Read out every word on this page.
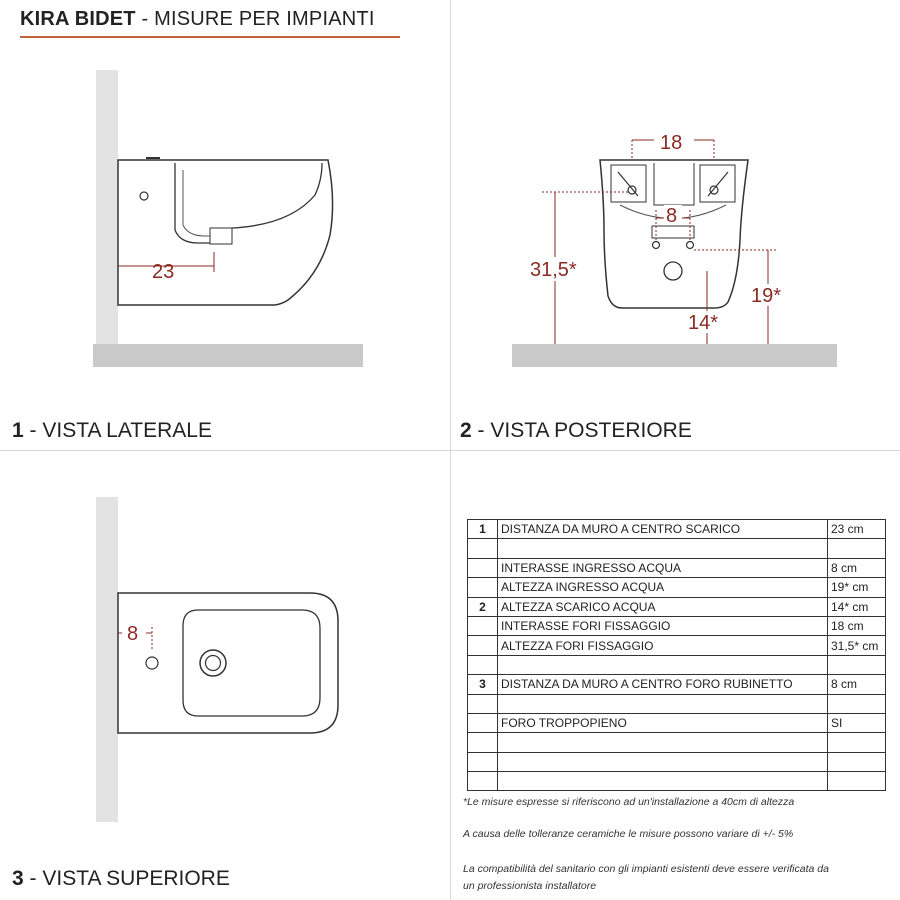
KIRA BIDET - MISURE PER IMPIANTI
23
18
8
31,5*
14*
19*
8
1 - VISTA LATERALE	2 - VISTA POSTERIORE
3 - VISTA SUPERIORE
1	DISTANZA DA MURO A CENTRO SCARICO	23 cm

	INTERASSE INGRESSO ACQUA	8 cm
	ALTEZZA INGRESSO ACQUA	19* cm
2	ALTEZZA SCARICO ACQUA	14* cm
	INTERASSE FORI FISSAGGIO	18 cm
	ALTEZZA FORI FISSAGGIO	31,5* cm

3	DISTANZA DA MURO A CENTRO FORO RUBINETTO	8 cm

	FORO TROPPOPIENO	SI

*Le misure espresse si riferiscono ad un'installazione a 40cm di altezza
A causa delle tolleranze ceramiche le misure possono variare di +/- 5%
La compatibilità del sanitario con gli impianti esistenti deve essere verificata da
un professionista installatore
